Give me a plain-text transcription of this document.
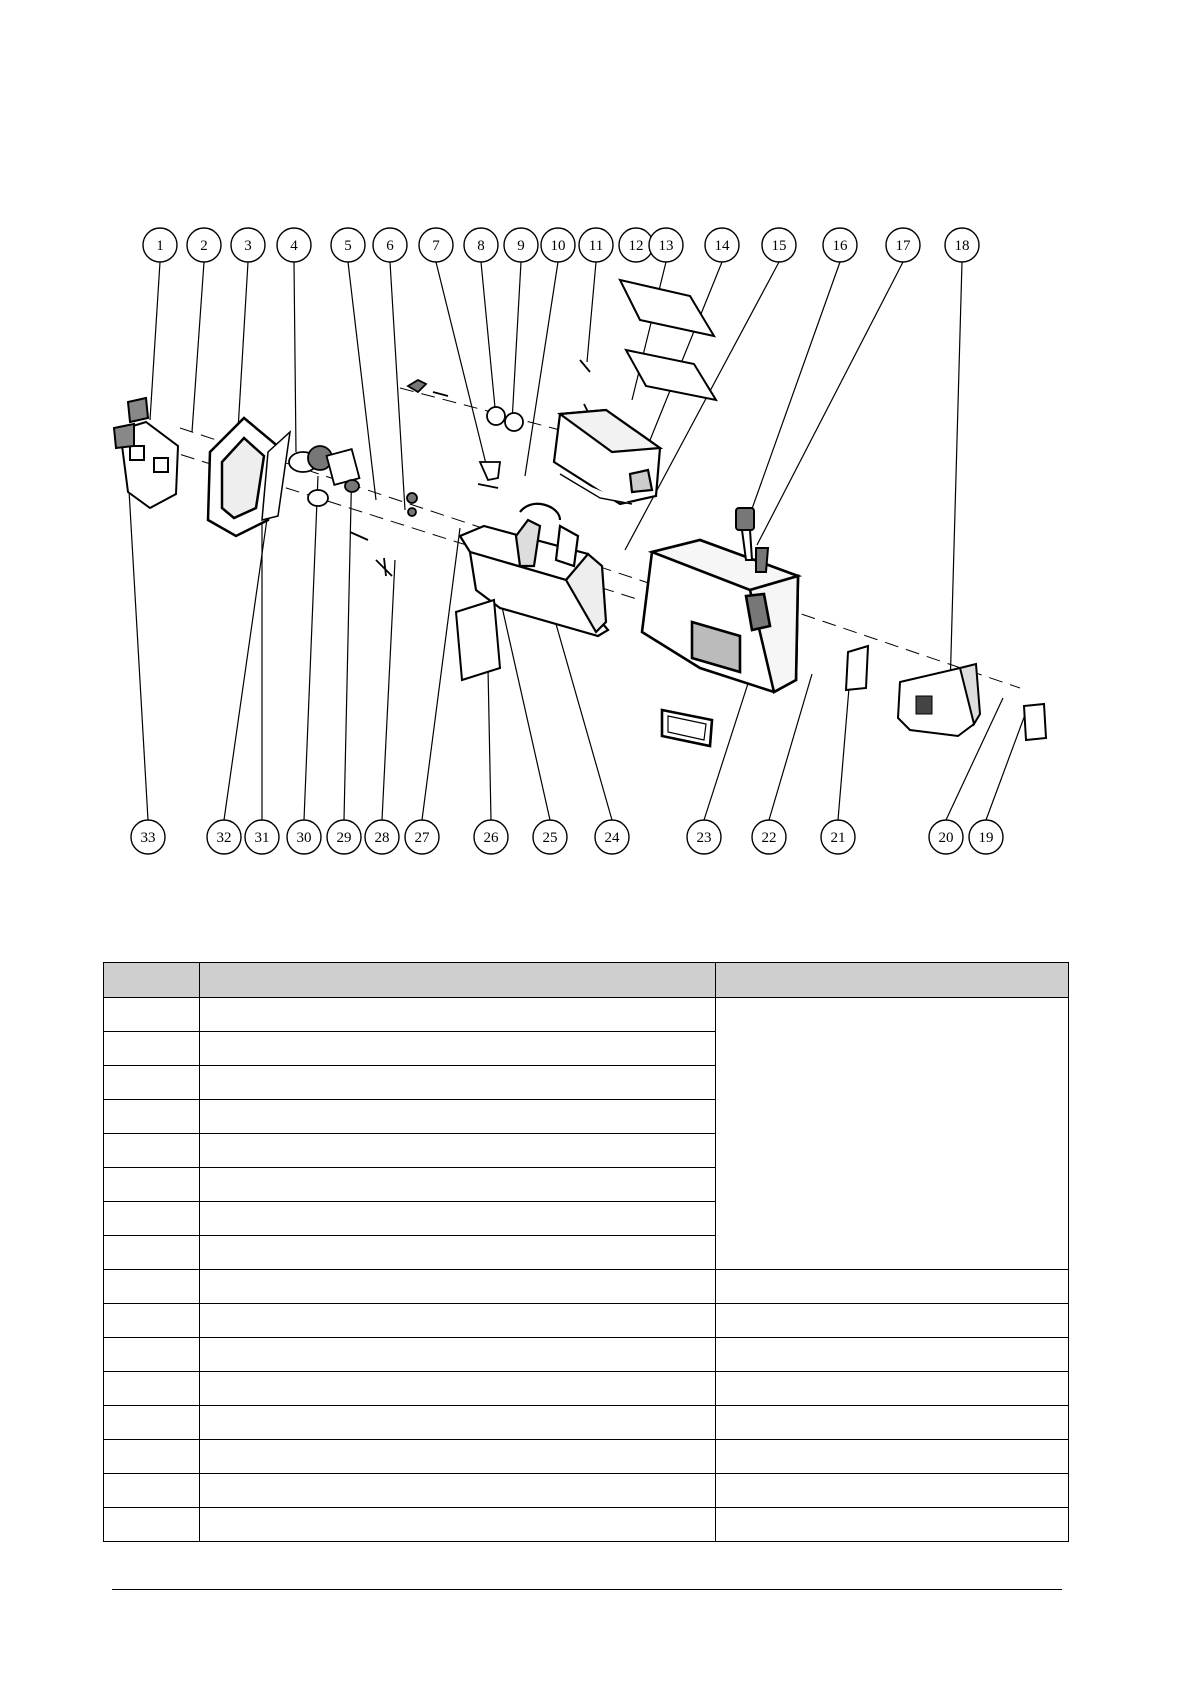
1 2 3	4	5 6	7	8 9 10 11 12 13	14	15	16	17	18
33	32 31 30 29 28 27	26	25	24	23	22	21	20 19
